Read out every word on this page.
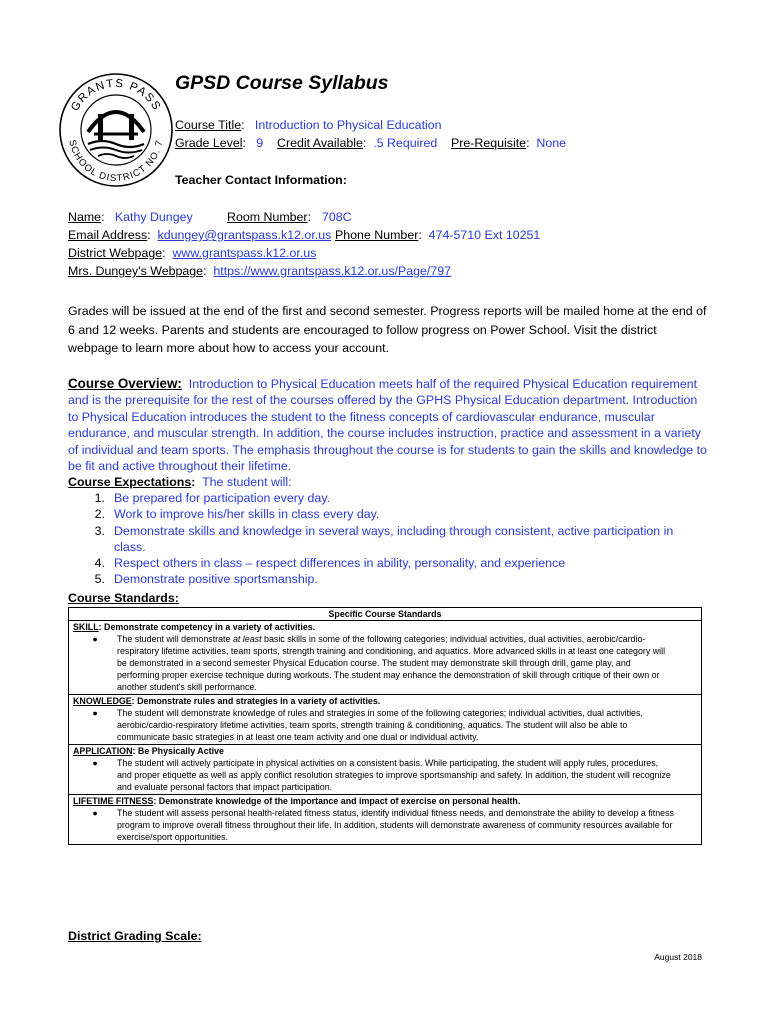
GRANTS PASS
SCHOOL DISTRICT NO. 7
GPSD Course Syllabus
Course Title:   Introduction to Physical Education
Grade Level:   9 Credit Available:  .5 Required Pre-Requisite:  None
Teacher Contact Information:
Name:   Kathy Dungey	Room Number: 708C
Email Address:  kdungey@grantspass.k12.or.us Phone Number:  474-5710 Ext 10251
District Webpage:  www.grantspass.k12.or.us
Mrs. Dungey's Webpage:  https://www.grantspass.k12.or.us/Page/797
Grades will be issued at the end of the first and second semester. Progress reports will be mailed home at the end of 6 and 12 weeks. Parents and students are encouraged to follow progress on Power School. Visit the district webpage to learn more about how to access your account.
Course Overview: Introduction to Physical Education meets half of the required Physical Education requirement and is the prerequisite for the rest of the courses offered by the GPHS Physical Education department. Introduction to Physical Education introduces the student to the fitness concepts of cardiovascular endurance, muscular endurance, and muscular strength. In addition, the course includes instruction, practice and assessment in a variety of individual and team sports. The emphasis throughout the course is for students to gain the skills and knowledge to be fit and active throughout their lifetime.
Course Expectations: The student will:
1. Be prepared for participation every day.
2. Work to improve his/her skills in class every day.
3. Demonstrate skills and knowledge in several ways, including through consistent, active participation in class.
4. Respect others in class – respect differences in ability, personality, and experience
5. Demonstrate positive sportsmanship.
Course Standards:
Specific Course Standards

SKILL: Demonstrate competency in a variety of activities.
●	The student will demonstrate at least basic skills in some of the following categories; individual activities, dual activities, aerobic/cardio-respiratory lifetime activities, team sports, strength training and conditioning, and aquatics. More advanced skills in at least one category will be demonstrated in a second semester Physical Education course. The student may demonstrate skill through drill, game play, and performing proper exercise technique during workouts. The student may enhance the demonstration of skill through critique of their own or another student's skill performance.

KNOWLEDGE: Demonstrate rules and strategies in a variety of activities.
●	The student will demonstrate knowledge of rules and strategies in some of the following categories; individual activities, dual activities, aerobic/cardio-respiratory lifetime activities, team sports, strength training & conditioning, aquatics. The student will also be able to communicate basic strategies in at least one team activity and one dual or individual activity.

APPLICATION: Be Physically Active
●	The student will actively participate in physical activities on a consistent basis. While participating, the student will apply rules, procedures, and proper etiquette as well as apply conflict resolution strategies to improve sportsmanship and safety. In addition, the student will recognize and evaluate personal factors that impact participation.

LIFETIME FITNESS: Demonstrate knowledge of the importance and impact of exercise on personal health.
●	The student will assess personal health-related fitness status, identify individual fitness needs, and demonstrate the ability to develop a fitness program to improve overall fitness throughout their life. In addition, students will demonstrate awareness of community resources available for exercise/sport opportunities.
District Grading Scale:
August 2018
